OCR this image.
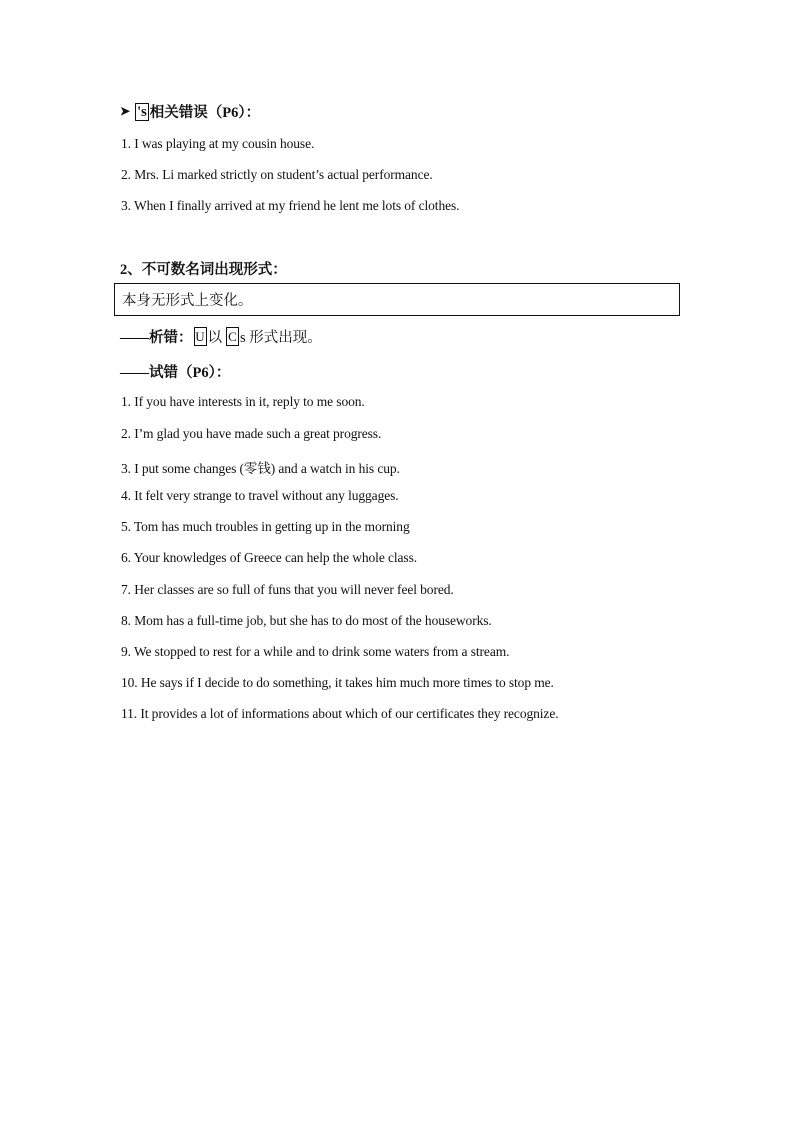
➤ 's 相关错误（P6）：
1. I was playing at my cousin house.
2. Mrs. Li marked strictly on student’s actual performance.
3. When I finally arrived at my friend he lent me lots of clothes.
2、不可数名词出现形式：
本身无形式上变化。
——析错： U 以 C s 形式出现。
——试错 （P6）：
1. If you have interests in it, reply to me soon.
2. I’m glad you have made such a great progress.
3. I put some changes (零钱) and a watch in his cup.
4. It felt very strange to travel without any luggages.
5. Tom has much troubles in getting up in the morning
6. Your knowledges of Greece can help the whole class.
7. Her classes are so full of funs that you will never feel bored.
8. Mom has a full-time job, but she has to do most of the houseworks.
9. We stopped to rest for a while and to drink some waters from a stream.
10. He says if I decide to do something, it takes him much more times to stop me.
11. It provides a lot of informations about which of our certificates they recognize.
